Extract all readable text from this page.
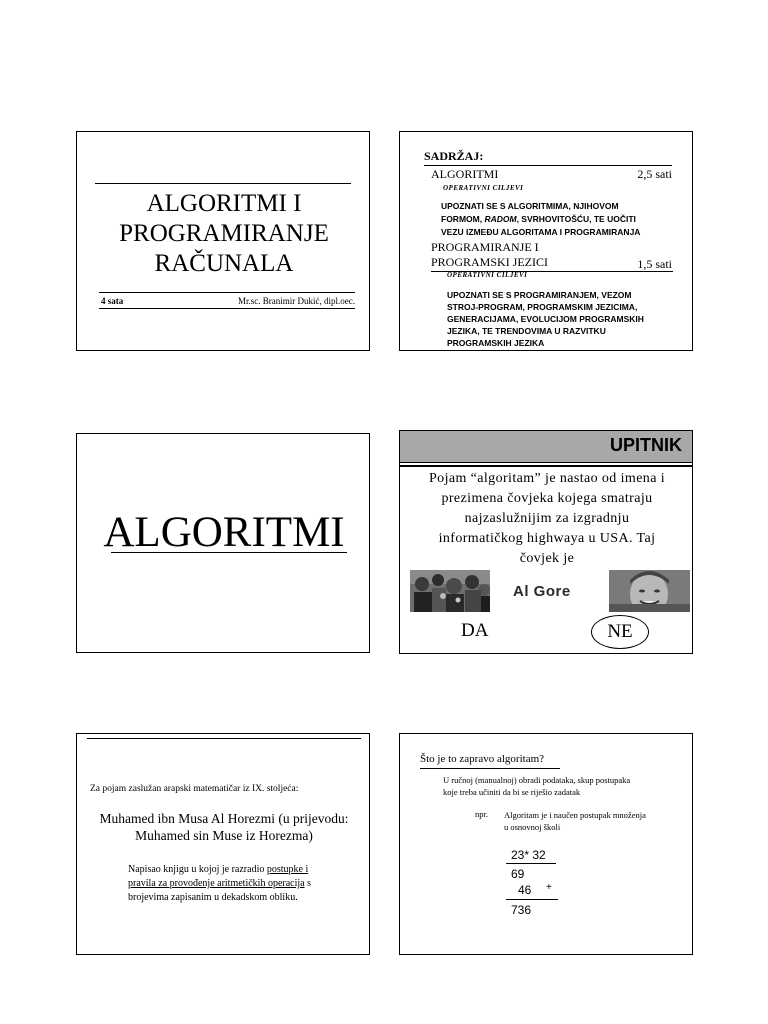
ALGORITMI I
PROGRAMIRANJE
RAČUNALA
4 sata	Mr.sc. Branimir Dukić, dipl.oec.
SADRŽAJ:
ALGORITMI	2,5 sati
OPERATIVNI CILJEVI
UPOZNATI SE S ALGORITMIMA, NJIHOVOM
FORMOM, RADOM, SVRHOVITOŠĆU, TE UOČITI
VEZU IZMEĐU ALGORITAMA I PROGRAMIRANJA
PROGRAMIRANJE I
PROGRAMSKI JEZICI	1,5 sati
OPERATIVNI CILJEVI
UPOZNATI SE S PROGRAMIRANJEM, VEZOM
STROJ-PROGRAM, PROGRAMSKIM JEZICIMA,
GENERACIJAMA, EVOLUCIJOM PROGRAMSKIH
JEZIKA, TE TRENDOVIMA U RAZVITKU
PROGRAMSKIH JEZIKA
ALGORITMI
UPITNIK
Pojam “algoritam” je nastao od imena i
prezimena čovjeka kojega smatraju
najzaslužnijim za izgradnju
informatičkog highwaya u USA. Taj
čovjek je
Al Gore
DA	NE
Za pojam zaslužan arapski matematičar iz IX. stoljeća:
Muhamed ibn Musa Al Horezmi (u prijevodu:
Muhamed sin Muse iz Horezma)
Napisao knjigu u kojoj je razradio postupke i
pravila za provođenje aritmetičkih operacija s
brojevima zapisanim u dekadskom obliku.
Što je to zapravo algoritam?
U ručnoj (manualnoj) obradi podataka, skup postupaka
koje treba učiniti da bi se riješio zadatak
npr. Algoritam je i naučen postupak množenja
u osnovnoj školi
23* 32
69
46 +
736
